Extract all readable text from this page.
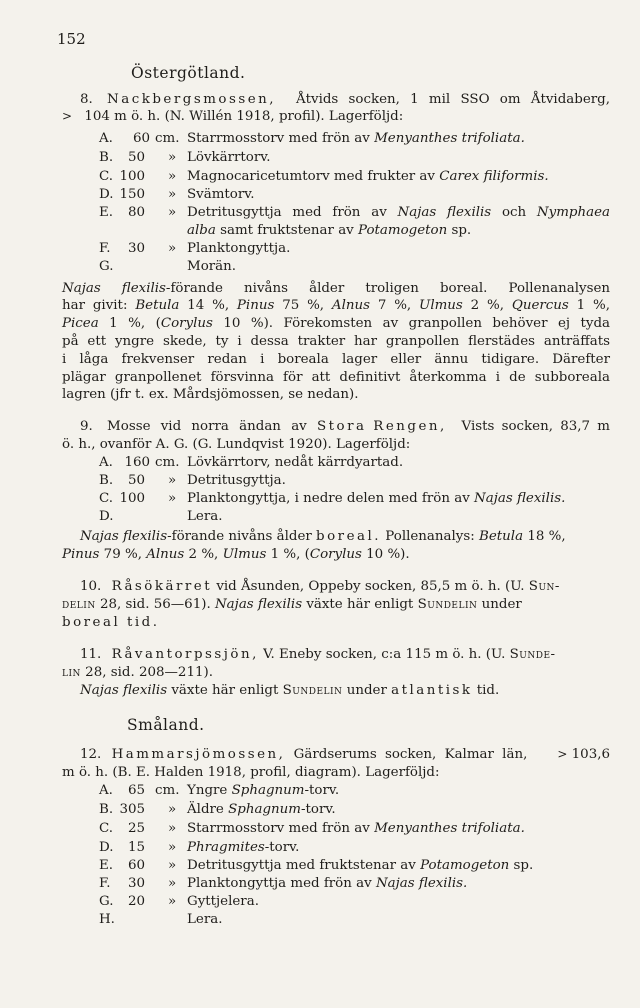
152
Östergötland.
8. Nackbergsmossen, Åtvids socken, 1 mil SSO om Åtvidaberg,
> 104 m ö. h. (N. Willén 1918, profil). Lagerföljd:
A.	60 cm. Starrmosstorv med frön av Menyanthes trifoliata.
B.	50 » Lövkärrtorv.
C. 100 » Magnocaricetumtorv med frukter av Carex filiformis.
D. 150 » Svämtorv.
E.	80 » Detritusgyttja med frön av Najas flexilis och Nymphaea
alba samt fruktstenar av Potamogeton sp.
F.	30 » Planktongyttja.
G.	Morän.
Najas flexilis-förande nivåns ålder troligen boreal. Pollenanalysen
har givit: Betula 14 %, Pinus 75 %, Alnus 7 %, Ulmus 2 %, Quercus 1 %,
Picea 1 %, (Corylus 10 %). Förekomsten av granpollen behöver ej tyda
på ett yngre skede, ty i dessa trakter har granpollen flerstädes anträffats
i låga frekvenser redan i boreala lager eller ännu tidigare. Därefter
plägar granpollenet försvinna för att definitivt återkomma i de subboreala
lagren (jfr t. ex. Mårdsjömossen, se nedan).
9. Mosse vid norra ändan av Stora Rengen, Vists socken, 83,7 m
ö. h., ovanför A. G. (G. Lundqvist 1920). Lagerföljd:
A. 160 cm. Lövkärrtorv, nedåt kärrdyartad.
B.	50 » Detritusgyttja.
C. 100 » Planktongyttja, i nedre delen med frön av Najas flexilis.
D.	Lera.
Najas flexilis-förande nivåns ålder boreal. Pollenanalys: Betula 18 %,
Pinus 79 %, Alnus 2 %, Ulmus 1 %, (Corylus 10 %).
10. Råsökärret vid Åsunden, Oppeby socken, 85,5 m ö. h. (U. Sun-
delin 28, sid. 56—61). Najas flexilis växte här enligt Sundelin under
boreal tid.
11. Råvantorpssjön, V. Eneby socken, c:a 115 m ö. h. (U. Sunde-
lin 28, sid. 208—211).
Najas flexilis växte här enligt Sundelin under atlantisk tid.
Småland.
12. Hammarsjömossen, Gärdserums socken, Kalmar län,	> 103,6
m ö. h. (B. E. Halden 1918, profil, diagram). Lagerföljd:
A.	65 cm. Yngre Sphagnum-torv.
B. 305 » Äldre Sphagnum-torv.
C.	25 » Starrmosstorv med frön av Menyanthes trifoliata.
D.	15 » Phragmites-torv.
E.	60 » Detritusgyttja med fruktstenar av Potamogeton sp.
F.	30 » Planktongyttja med frön av Najas flexilis.
G.	20 » Gyttjelera.
H.	Lera.
